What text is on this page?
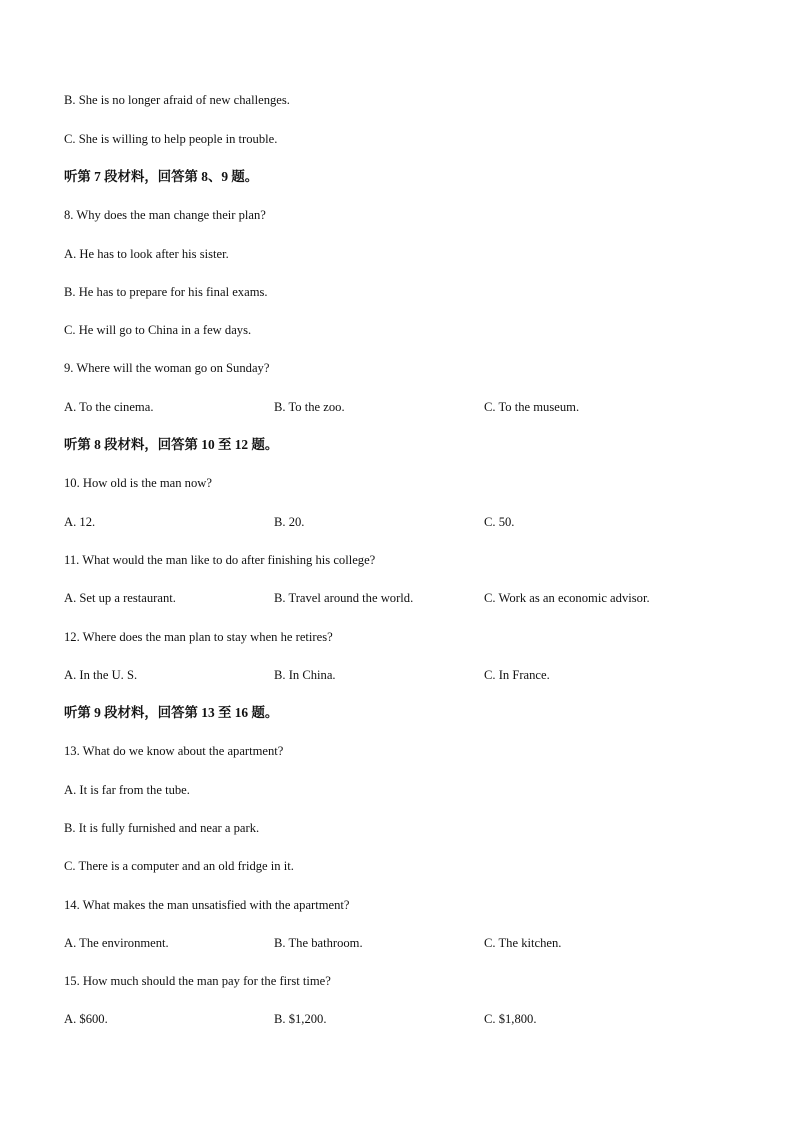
B. She is no longer afraid of new challenges.
C. She is willing to help people in trouble.
听第 7 段材料，回答第 8、9 题。
8. Why does the man change their plan?
A. He has to look after his sister.
B. He has to prepare for his final exams.
C. He will go to China in a few days.
9. Where will the woman go on Sunday?
A. To the cinema.	B. To the zoo.	C. To the museum.
听第 8 段材料，回答第 10 至 12 题。
10. How old is the man now?
A. 12.	B. 20.	C. 50.
11. What would the man like to do after finishing his college?
A. Set up a restaurant.	B. Travel around the world.	C. Work as an economic advisor.
12. Where does the man plan to stay when he retires?
A. In the U. S.	B. In China.	C. In France.
听第 9 段材料，回答第 13 至 16 题。
13. What do we know about the apartment?
A. It is far from the tube.
B. It is fully furnished and near a park.
C. There is a computer and an old fridge in it.
14. What makes the man unsatisfied with the apartment?
A. The environment.	B. The bathroom.	C. The kitchen.
15. How much should the man pay for the first time?
A. $600.	B. $1,200.	C. $1,800.
